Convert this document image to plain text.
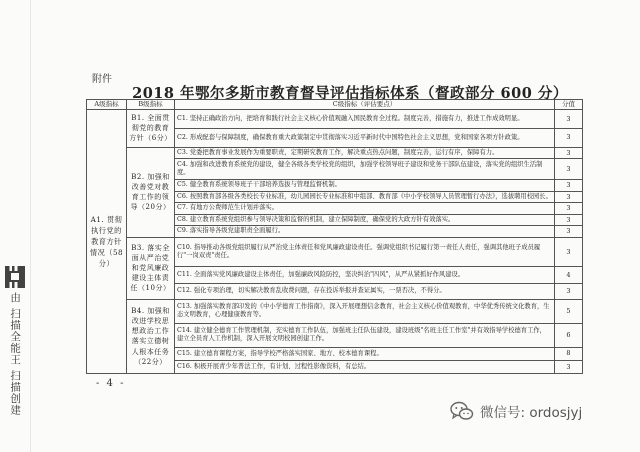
附件
2018 年鄂尔多斯市教育督导评估指标体系（督政部分 600 分）
A级指标	B级指标	C级指标（评估要点）	分值
A1. 贯彻执行党的教育方针情况（58分）	B1. 全面贯彻党的教育方针（6分）	C1. 坚持正确政治方向，把培育和践行社会主义核心价值观融入国民教育全过程。制度完善，措施有力，推进工作成效明显。	3
		C2. 形成配套与保障制度，确保教育重大政策制定中贯彻落实习近平新时代中国特色社会主义思想，党和国家各项方针政策。	3
	B2. 加强和改善党对教育工作的领导（20分）	C3. 党委把教育事业发展作为重要职责，定期研究教育工作，解决重点热点问题，制度完善，运行有序，保障有力。	3
		C4. 加强和改进教育系统党的建设，健全各级各类学校党的组织，加强学校领导班子建设和党务干部队伍建设，落实党的组织生活制度。	3
		C5. 健全教育系统领导班子干部培养选拔与管理监督机制。	3
		C6. 按照教育部各级各类校长专业标准，幼儿园园长专业标准和中组部、教育部《中小学校领导人员管理暂行办法》，选拔聘用校园长。	3
		C7. 有地方公费师范生计划并落实。	3
		C8. 建立教育系统党组织参与领导决策和监督的机制，建立保障制度，确保党的大政方针有效落实。	3
		C9. 落实指导各级党建职责全面履行。	3
	B3. 落实全面从严治党和党风廉政建设主体责任（10分）	C10. 指导推动各级党组织履行从严治党主体责任和党风廉政建设责任。强调党组织书记履行第一责任人责任，强调其他班子成员履行"一岗双责"责任。	3
		C11. 全面落实党风廉政建设主体责任，加强廉政风险防控，坚决纠治"四风"，从严从紧抓好作风建设。	4
		C12. 强化专项治理，切实解决教育乱收费问题，存在投诉举报并查证属实，一票否决，不得分。	3
	B4. 加强和改进学校思想政治工作落实立德树人根本任务（22分）	C13. 加强落实教育部印发的《中小学德育工作指南》，深入开展理想信念教育，社会主义核心价值观教育，中华优秀传统文化教育，生态文明教育，心理健康教育等。	5
		C14. 建立健全德育工作管理机制，充实德育工作队伍，加强班主任队伍建设，建设班级"名班主任工作室"并有效指导学校德育工作，建立全员育人工作机制，深入开展文明校园创建工作。	6
		C15. 建立德育课程方案，指导学校严格落实国家、地方、校本德育课程。	8
		C16. 积极开展青少年普法工作，有计划、过程性影像资料，有总结。	3
- 4 -
由 扫描全能王 扫描创建	微信号: ordosjyj
